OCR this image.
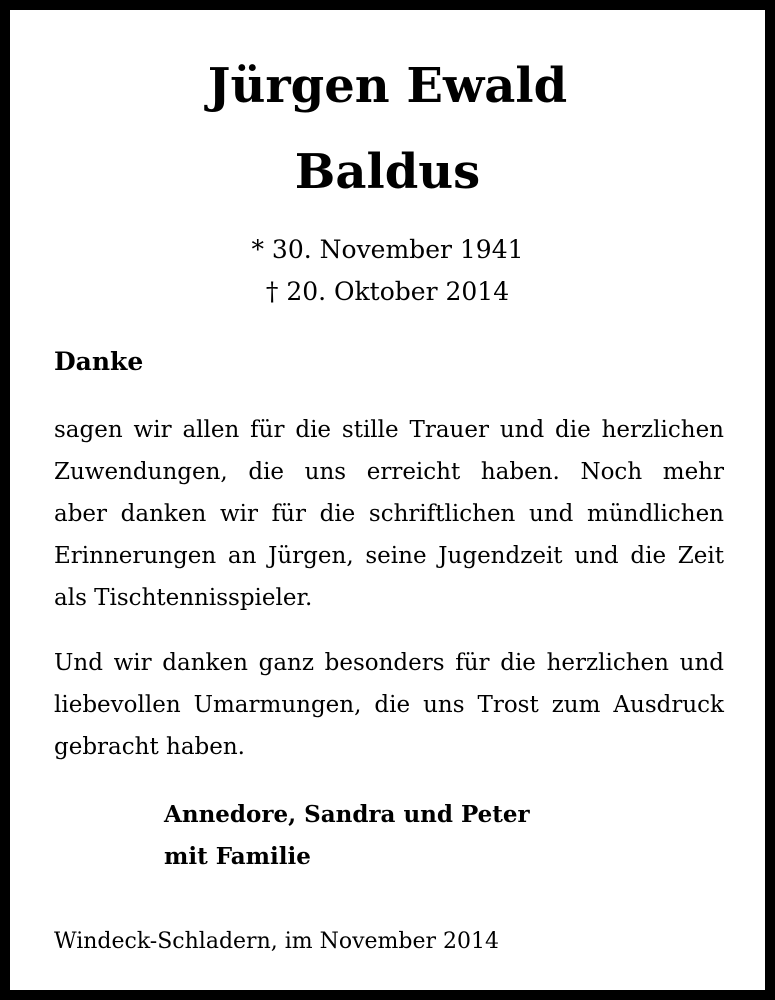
Jürgen Ewald
Baldus
* 30. November 1941
† 20. Oktober 2014
Danke
sagen wir allen für die stille Trauer und die herzlichen
Zuwendungen, die uns erreicht haben. Noch mehr
aber danken wir für die schriftlichen und mündlichen
Erinnerungen an Jürgen, seine Jugendzeit und die Zeit
als Tischtennisspieler.
Und wir danken ganz besonders für die herzlichen und
liebevollen Umarmungen, die uns Trost zum Ausdruck
gebracht haben.
Annedore, Sandra und Peter
mit Familie
Windeck-Schladern, im November 2014
